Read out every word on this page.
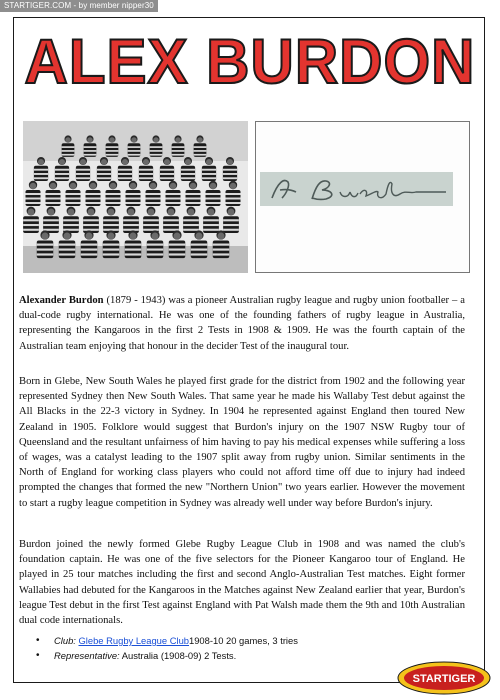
STARTIGER.COM - by member nipper30
ALEX BURDON

Alexander Burdon (1879 - 1943) was a pioneer Australian rugby league and rugby union footballer – a dual-code rugby international. He was one of the founding fathers of rugby league in Australia, representing the Kangaroos in the first 2 Tests in 1908 & 1909. He was the fourth captain of the Australian team enjoying that honour in the decider Test of the inaugural tour.

Born in Glebe, New South Wales he played first grade for the district from 1902 and the following year represented Sydney then New South Wales. That same year he made his Wallaby Test debut against the All Blacks in the 22-3 victory in Sydney. In 1904 he represented against England then toured New Zealand in 1905. Folklore would suggest that Burdon's injury on the 1907 NSW Rugby tour of Queensland and the resultant unfairness of him having to pay his medical expenses while suffering a loss of wages, was a catalyst leading to the 1907 split away from rugby union. Similar sentiments in the North of England for working class players who could not afford time off due to injury had indeed prompted the changes that formed the new "Northern Union" two years earlier. However the movement to start a rugby league competition in Sydney was already well under way before Burdon's injury.

Burdon joined the newly formed Glebe Rugby League Club in 1908 and was named the club's foundation captain. He was one of the five selectors for the Pioneer Kangaroo tour of England. He played in 25 tour matches including the first and second Anglo-Australian Test matches. Eight former Wallabies had debuted for the Kangaroos in the Matches against New Zealand earlier that year, Burdon's league Test debut in the first Test against England with Pat Walsh made them the 9th and 10th Australian dual code internationals.

• Club: Glebe Rugby League Club1908-10 20 games, 3 tries
• Representative: Australia (1908-09) 2 Tests.
STARTIGER
